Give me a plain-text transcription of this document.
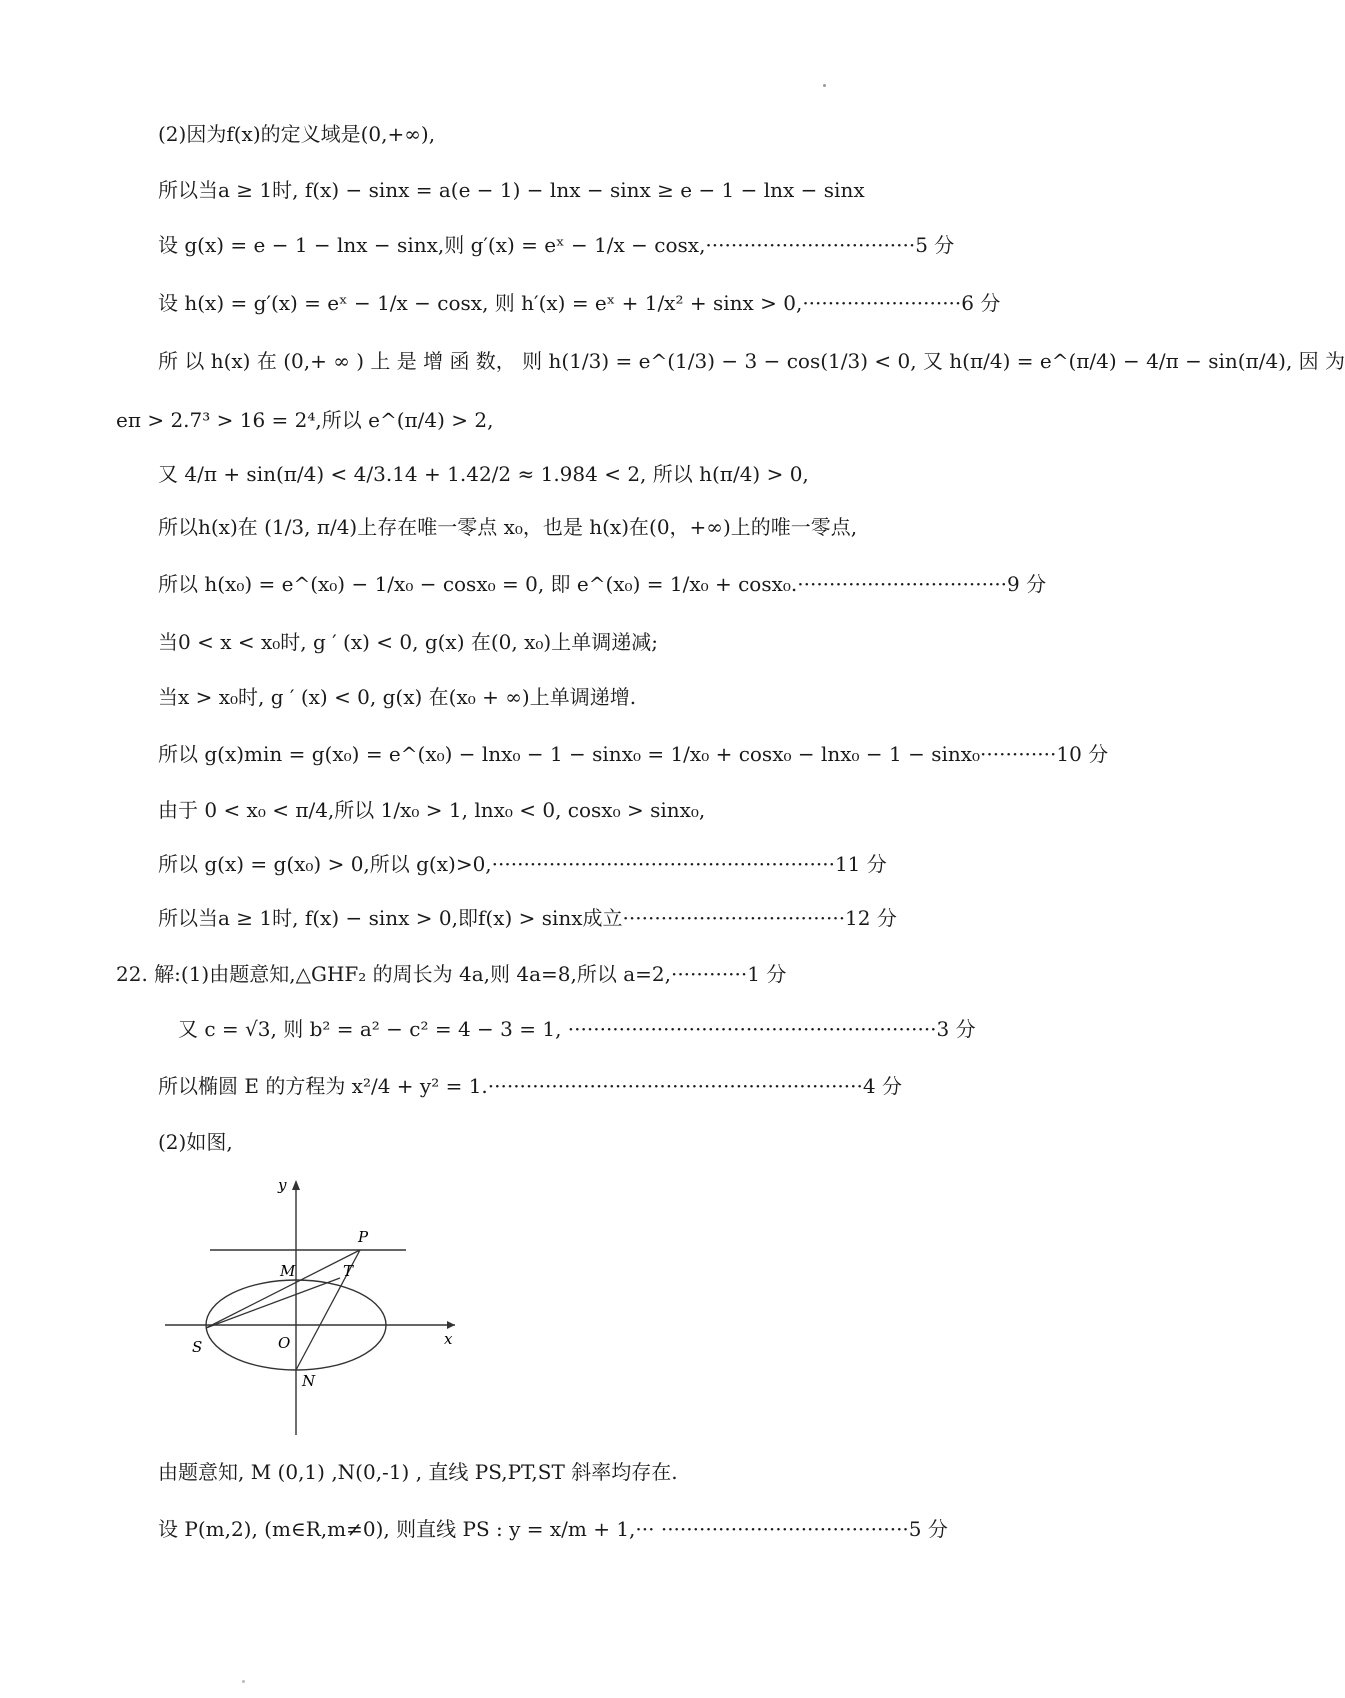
(2)因为f(x)的定义域是(0,+∞),
所以当a ≥ 1时, f(x) − sinx = a(e⁡ − 1) − lnx − sinx ≥ e⁡ − 1 − lnx − sinx
设 g(x) = e⁡ − 1 − lnx − sinx,则 g′(x) = eˣ − 1/x − cosx,·································5 分
设 h(x) = g′(x) = eˣ − 1/x − cosx, 则 h′(x) = eˣ + 1/x² + sinx > 0,·························6 分
所 以 h(x) 在 (0,+ ∞ ) 上 是 增 函 数， 则 h(1/3) = e^(1/3) − 3 − cos(1/3) < 0, 又 h(π/4) = e^(π/4) − 4/π − sin(π/4), 因 为
eπ > 2.7³ > 16 = 2⁴,所以 e^(π/4) > 2,
又 4/π + sin(π/4) < 4/3.14 + 1.42/2 ≈ 1.984 < 2, 所以 h(π/4) > 0,
所以h(x)在 (1/3, π/4)上存在唯一零点 x₀，也是 h(x)在(0，+∞)上的唯一零点,
所以 h(x₀) = e^(x₀) − 1/x₀ − cosx₀ = 0, 即 e^(x₀) = 1/x₀ + cosx₀.·································9 分
当0 < x < x₀时, g ′ (x) < 0, g(x) 在(0, x₀)上单调递减;
当x > x₀时, g ′ (x) < 0, g(x) 在(x₀ + ∞)上单调递增.
所以 g(x)min = g(x₀) = e^(x₀) − lnx₀ − 1 − sinx₀ = 1/x₀ + cosx₀ − lnx₀ − 1 − sinx₀············10 分
由于 0 < x₀ < π/4,所以 1/x₀ > 1, lnx₀ < 0, cosx₀ > sinx₀,
所以 g(x)⁡⁡⁡ = g(x₀) > 0,所以 g(x)>0,······················································11 分
所以当a ≥ 1时, f(x) − sinx > 0,即f(x) > sinx成立···································12 分
22. 解:(1)由题意知,△GHF₂ 的周长为 4a,则 4a=8,所以 a=2,············1 分
又 c = √3, 则 b² = a² − c² = 4 − 3 = 1, ··························································3 分
所以椭圆 E 的方程为 x²/4 + y² = 1.···························································4 分
(2)如图,
y
x
P
M	T
O
S
N
由题意知, M (0,1) ,N(0,-1) , 直线 PS,PT,ST 斜率均存在.
设 P(m,2), (m∈R,m≠0), 则直线 PS : y = x/m + 1,··· ·······································5 分
